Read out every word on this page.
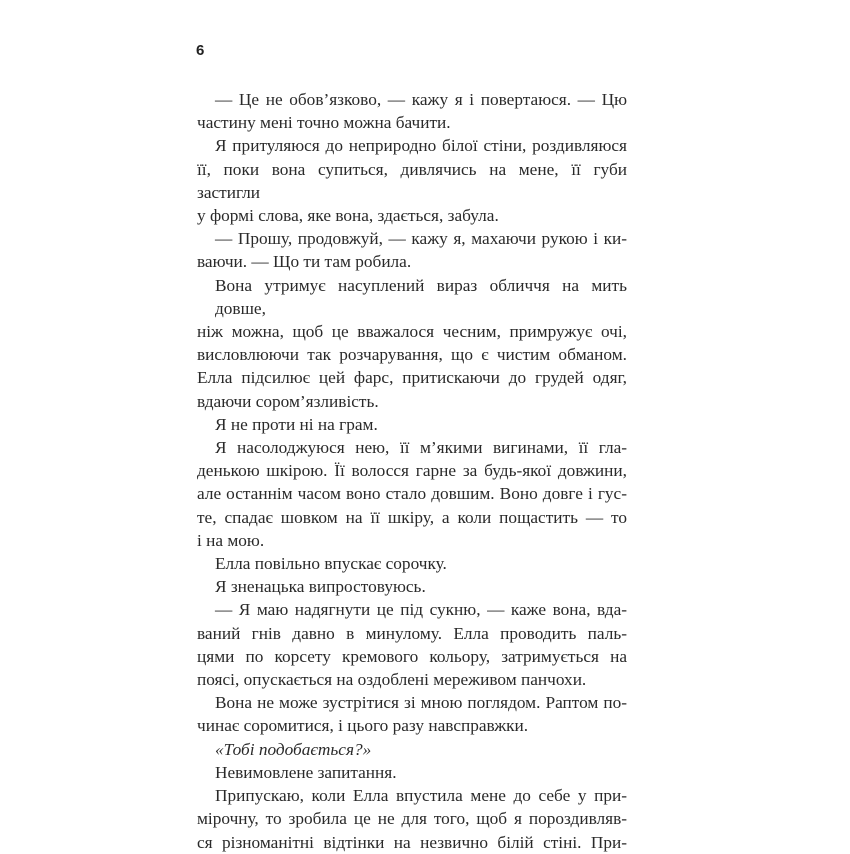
6
— Це не обов’язково, — кажу я і повертаюся. — Цю
частину мені точно можна бачити.
Я притуляюся до неприродно білої стіни, роздивляюся
її, поки вона супиться, дивлячись на мене, її губи застигли
у формі слова, яке вона, здається, забула.
— Прошу, продовжуй, — кажу я, махаючи рукою і ки-
ваючи. — Що ти там робила.
Вона утримує насуплений вираз обличчя на мить довше,
ніж можна, щоб це вважалося чесним, примружує очі,
висловлюючи так розчарування, що є чистим обманом.
Елла підсилює цей фарс, притискаючи до грудей одяг,
вдаючи сором’язливість.
Я не проти ні на грам.
Я насолоджуюся нею, її м’якими вигинами, її гла-
денькою шкірою. Її волосся гарне за будь-якої довжини,
але останнім часом воно стало довшим. Воно довге і гус-
те, спадає шовком на її шкіру, а коли пощастить — то
і на мою.
Елла повільно впускає сорочку.
Я зненацька випростовуюсь.
— Я маю надягнути це під сукню, — каже вона, вда-
ваний гнів давно в минулому. Елла проводить паль-
цями по корсету кремового кольору, затримується на
поясі, опускається на оздоблені мереживом панчохи.
Вона не може зустрітися зі мною поглядом. Раптом по-
чинає соромитися, і цього разу навсправжки.
«Тобі подобається?»
Невимовлене запитання.
Припускаю, коли Елла впустила мене до себе у при-
мірочну, то зробила це не для того, щоб я пороздивляв-
ся різноманітні відтінки на незвично білій стіні. При-
